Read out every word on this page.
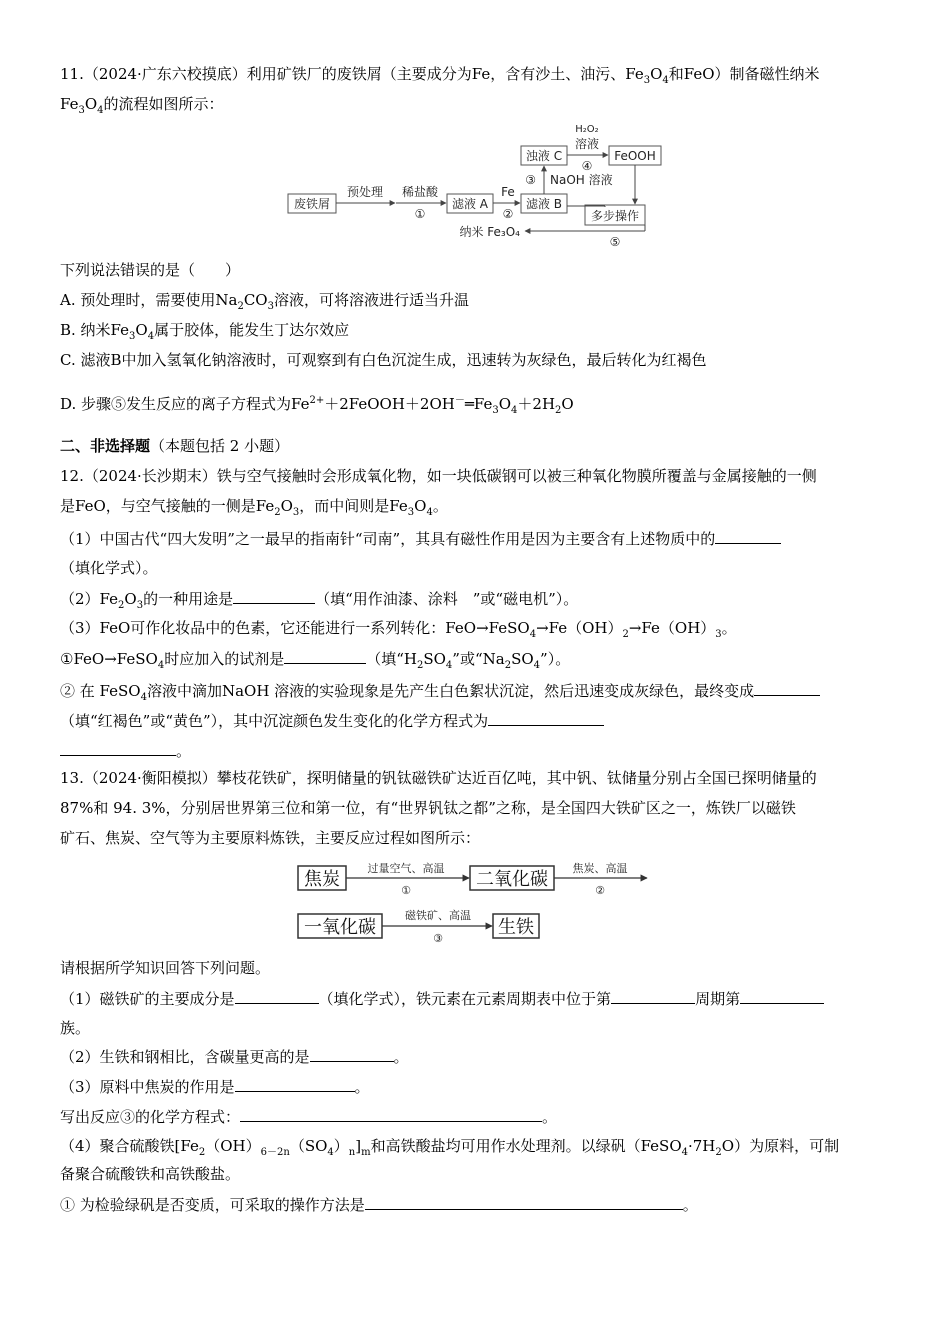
11.（2024·广东六校摸底）利用矿铁厂的废铁屑（主要成分为Fe，含有沙土、油污、$Fe_3O_4$和FeO）制备磁性纳米
$Fe_3O_4$的流程如图所示：
废铁屑
预处理 稀盐酸
①
滤液 A
Fe
②
滤液 B
③ NaOH 溶液
浊液 C
H₂O₂
溶液
④
FeOOH
多步操作
纳米 Fe₃O₄
⑤
下列说法错误的是（　　）
A. 预处理时，需要使用$Na_2CO_3$溶液，可将溶液进行适当升温
B. 纳米$Fe_3O_4$属于胶体，能发生丁达尔效应
C. 滤液B中加入氢氧化钠溶液时，可观察到有白色沉淀生成，迅速转为灰绿色，最后转化为红褐色
D. 步骤⑤发生反应的离子方程式为$Fe^{2+}+2FeOOH+2OH^-═Fe_3O_4+2H_2O$
二、非选择题（本题包括 2 小题）
12.（2024·长沙期末）铁与空气接触时会形成氧化物，如一块低碳钢可以被三种氧化物膜所覆盖与金属接触的一侧
是FeO，与空气接触的一侧是$Fe_2O_3$，而中间则是$Fe_3O_4$。
（1）中国古代“四大发明”之一最早的指南针“司南”，其具有磁性作用是因为主要含有上述物质中的
（填化学式）。
$(2)Fe_2O_3$的一种用途是	（填“用作油漆、涂料　”或“磁电机”）。
（3）FeO可作化妆品中的色素，它还能进行一系列转化：$FeO\to FeSO_4\to Fe(OH)_2\to Fe(OH)_3$。
①FeO→FeSO$_4$时应加入的试剂是	（填“$H_2SO_4$”或“$Na_2SO_4$”）。
② 在 FeSO$_4$溶液中滴加NaOH 溶液的实验现象是先产生白色絮状沉淀，然后迅速变成灰绿色，最终变成
（填“红褐色”或“黄色”），其中沉淀颜色发生变化的化学方程式为
。
13.（2024·衡阳模拟）攀枝花铁矿，探明储量的钒钛磁铁矿达近百亿吨，其中钒、钛储量分别占全国已探明储量的
87%和 94. 3%，分别居世界第三位和第一位，有“世界钒钛之都”之称，是全国四大铁矿区之一，炼铁厂以磁铁
矿石、焦炭、空气等为主要原料炼铁，主要反应过程如图所示：
焦炭
过量空气、高温
①
二氧化碳
焦炭、高温
②
一氧化碳
磁铁矿、高温
③
生铁
请根据所学知识回答下列问题。
（1）磁铁矿的主要成分是	（填化学式），铁元素在元素周期表中位于第	周期第
族。
（2）生铁和钢相比，含碳量更高的是	。
（3）原料中焦炭的作用是	。
写出反应③的化学方程式：	。
（4）聚合硫酸铁$[Fe_2(OH)_{6-2n}(SO_4)_n]_m$和高铁酸盐均可用作水处理剂。以绿矾$(FeSO_4\cdot 7H_2O)$为原料，可制
备聚合硫酸铁和高铁酸盐。
① 为检验绿矾是否变质，可采取的操作方法是	。
